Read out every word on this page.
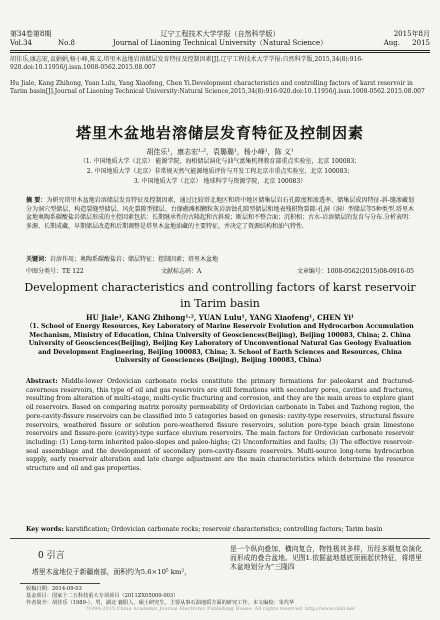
第34卷第8期	辽宁工程技术大学学报（自然科学版）	2015年8月
Vol.34	No.8	Journal of Liaoning Technical University（Natural Science）	Aug. 2015
胡佳乐,康志宏,袁娟娟,杨小峰,陈义.塔里木盆地岩溶储层发育特征及控制因素[J].辽宁工程技术大学学报:自然科学版,2015,34(8):916-920.doi:10.11956/j.issn.1008-0562.2015.08.007
Hu Jiale, Kang Zhihong, Yuan Lulu, Yang Xiaofeng, Chen Yi.Development characteristics and controlling factors of karst reservoir in Tarim basin[J].Journal of Liaoning Technical University:Natural Science,2015,34(8):916-920.doi:10.11956/j.issn.1008-0562.2015.08.007
塔里木盆地岩溶储层发育特征及控制因素
胡佳乐¹，康志宏¹·²，袁璐璐¹，杨小峰¹，陈 义¹
（1. 中国地质大学（北京） 能源学院，海相储层演化与油气富集机理教育部重点实验室，北京 100083；
2. 中国地质大学（北京）非常规天然气能源地质评价与开发工程北京市重点实验室，北京 100083；
3. 中国地质大学（北京） 地球科学与资源学院，北京 100083）
摘 要：为研究塔里木盆地岩溶储层发育特征及控制因素，通过比较塔北地区和塔中地区储集层岩石孔隙度和渗透率、储集层成因特征-斜-缝渗藏划分为洞穴型储层、构造裂缝型储层、风化裂隙型储层、台缘礁滩相颗粒灰岩溶蚀孔隙型储层和地表残积物裂隙-孔洞（洞）型储层等5种类型.塔里木盆地奥陶系碳酸盐岩储层形成的主控因素包括：长期继承性的古隆起和古斜坡；断层和不整合面；沉积相；古水-岩溶储层的发育与分布.分析表明：多源、长期成藏，早期储层改造和后期调整是塔里木盆地油藏的主要特征，并决定了资源结构和油气特性.
关键词：岩溶作用；奥陶系碳酸盐岩；储层特征；控制因素；塔里木盆地
中图分类号：TE 122	文献标志码：A	文章编号：1008-0562(2015)08-0916-05
Development characteristics and controlling factors of karst reservoir in Tarim basin
HU Jiale¹, KANG Zhihong¹·², YUAN Lulu¹, YANG Xiaofeng¹, CHEN Yi¹
（1. School of Energy Resources, Key Laboratory of Marine Reservoir Evolution and Hydrocarbon Accumulation Mechanism, Ministry of Education, China University of Geosciences(Beijing), Beijing 100083, China; 2. China University of Geosciences(Beijing), Beijing Key Laboratory of Unconventional Natural Gas Geology Evaluation and Development Engineering, Beijing 100083, China; 3. School of Earth Sciences and Resources, China University of Geosciences (Beijing), Beijing 100083, China）
Abstract: Middle-lower Ordovician carbonate rocks constitute the primary formations for paleokarst and fractured-cavernous reservoirs, this type of oil and gas reservoirs are still formations with secondary pores, cavities and fractures, resulting from alteration of multi-stage, multi-cyclic fracturing and corrosion, and they are the main areas to explore giant oil reservoirs. Based on comparing matrix porosity permeability of Ordovician carbonate in Tabei and Tazhong region, the pore-cavity-fissure reservoirs can be classified into 5 categories based on genesis: cavity-type reservoirs, structural fissure reservoirs, weathered fissure or solution pore-weathered fissure reservoirs, solution pore-type beach grain limestone reservoirs and fissure-pore (cavity)-type surface eluvium reservoirs. The main factors for Ordovician carbonate reservoir including: (1) Long-term inherited paleo-slopes and paleo-highs; (2) Unconformities and faults; (3) The effective reservoir-seal assemblage and the development of secondary pore-cavity-fissure reservoirs. Multi-source long-term hydrocarbon supply, early reservoir alteration and late charge adjustment are the main characteristics which determine the resource structure and oil and gas properties.
Key words: karstification; Ordovician carbonate rocks; reservoir characteristics; controlling factors; Tarim basin
0 引言
塔里木盆地位于新疆南部，面积约为5.6×10⁵ km²，
是一个纵向叠加、横向复合，物性极其多样，历经多期复杂演化而形成的叠合盆地。见图1.依据盆地基底顶面起伏特征，将塔里木盆地划分为“三隆四
收稿日期：2014-09-03
基金项目：国家十二五科技重大专项项目（2011ZX05009-003）
作者简介：胡佳乐（1989-），男，湖北 襄阳人，硕士研究生，主要从事石油地质方面的研究工作。本文编校：朱代华
?1994-2015 China Academic Journal Electronic Publishing House. All rights reserved. http://www.cnki.net
